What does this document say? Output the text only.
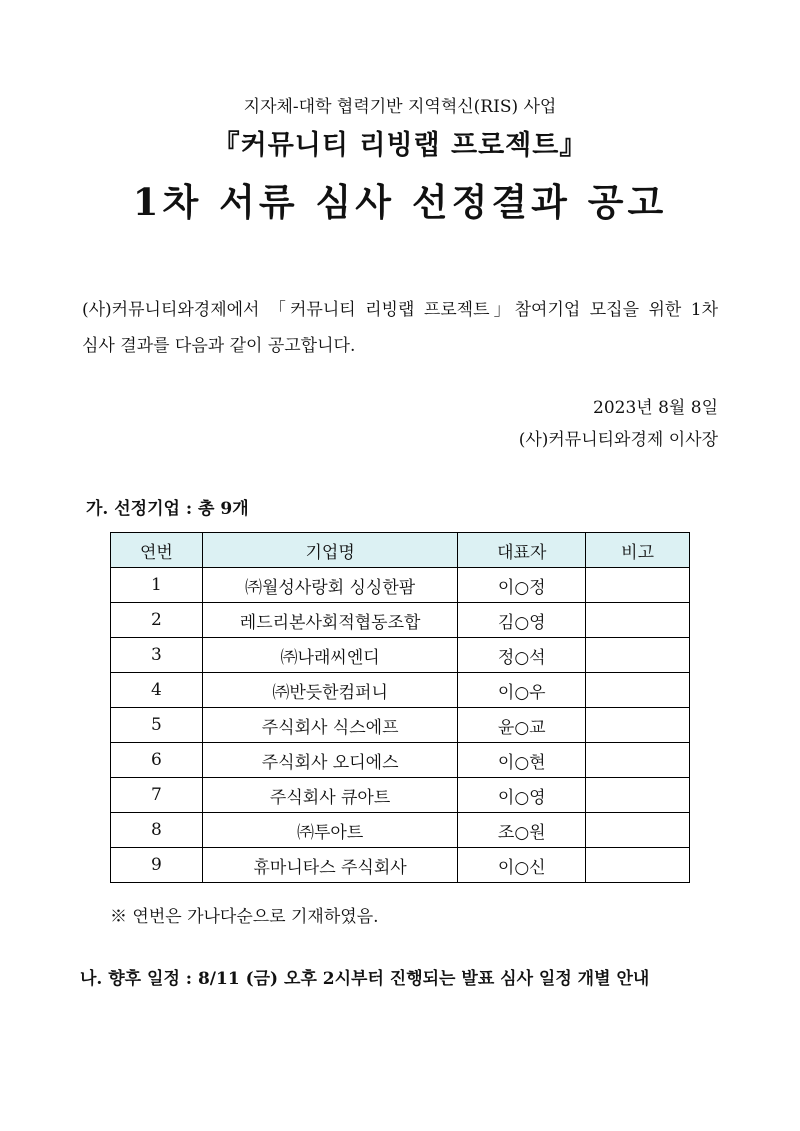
지자체-대학 협력기반 지역혁신(RIS) 사업

『커뮤니티 리빙랩 프로젝트』

1차 서류 심사 선정결과 공고

(사)커뮤니티와경제에서 「커뮤니티 리빙랩 프로젝트」참여기업 모집을 위한 1차 심사 결과를 다음과 같이 공고합니다.

2023년 8월 8일

(사)커뮤니티와경제 이사장

가. 선정기업 : 총 9개

연번	기업명	대표자	비고
1	㈜월성사랑회 싱싱한팜	이○정	
2	레드리본사회적협동조합	김○영	
3	㈜나래씨엔디	정○석	
4	㈜반듯한컴퍼니	이○우	
5	주식회사 식스에프	윤○교	
6	주식회사 오디에스	이○현	
7	주식회사 큐아트	이○영	
8	㈜투아트	조○원	
9	휴마니타스 주식회사	이○신	

※ 연번은 가나다순으로 기재하였음.

나. 향후 일정 : 8/11 (금) 오후 2시부터 진행되는 발표 심사 일정 개별 안내
